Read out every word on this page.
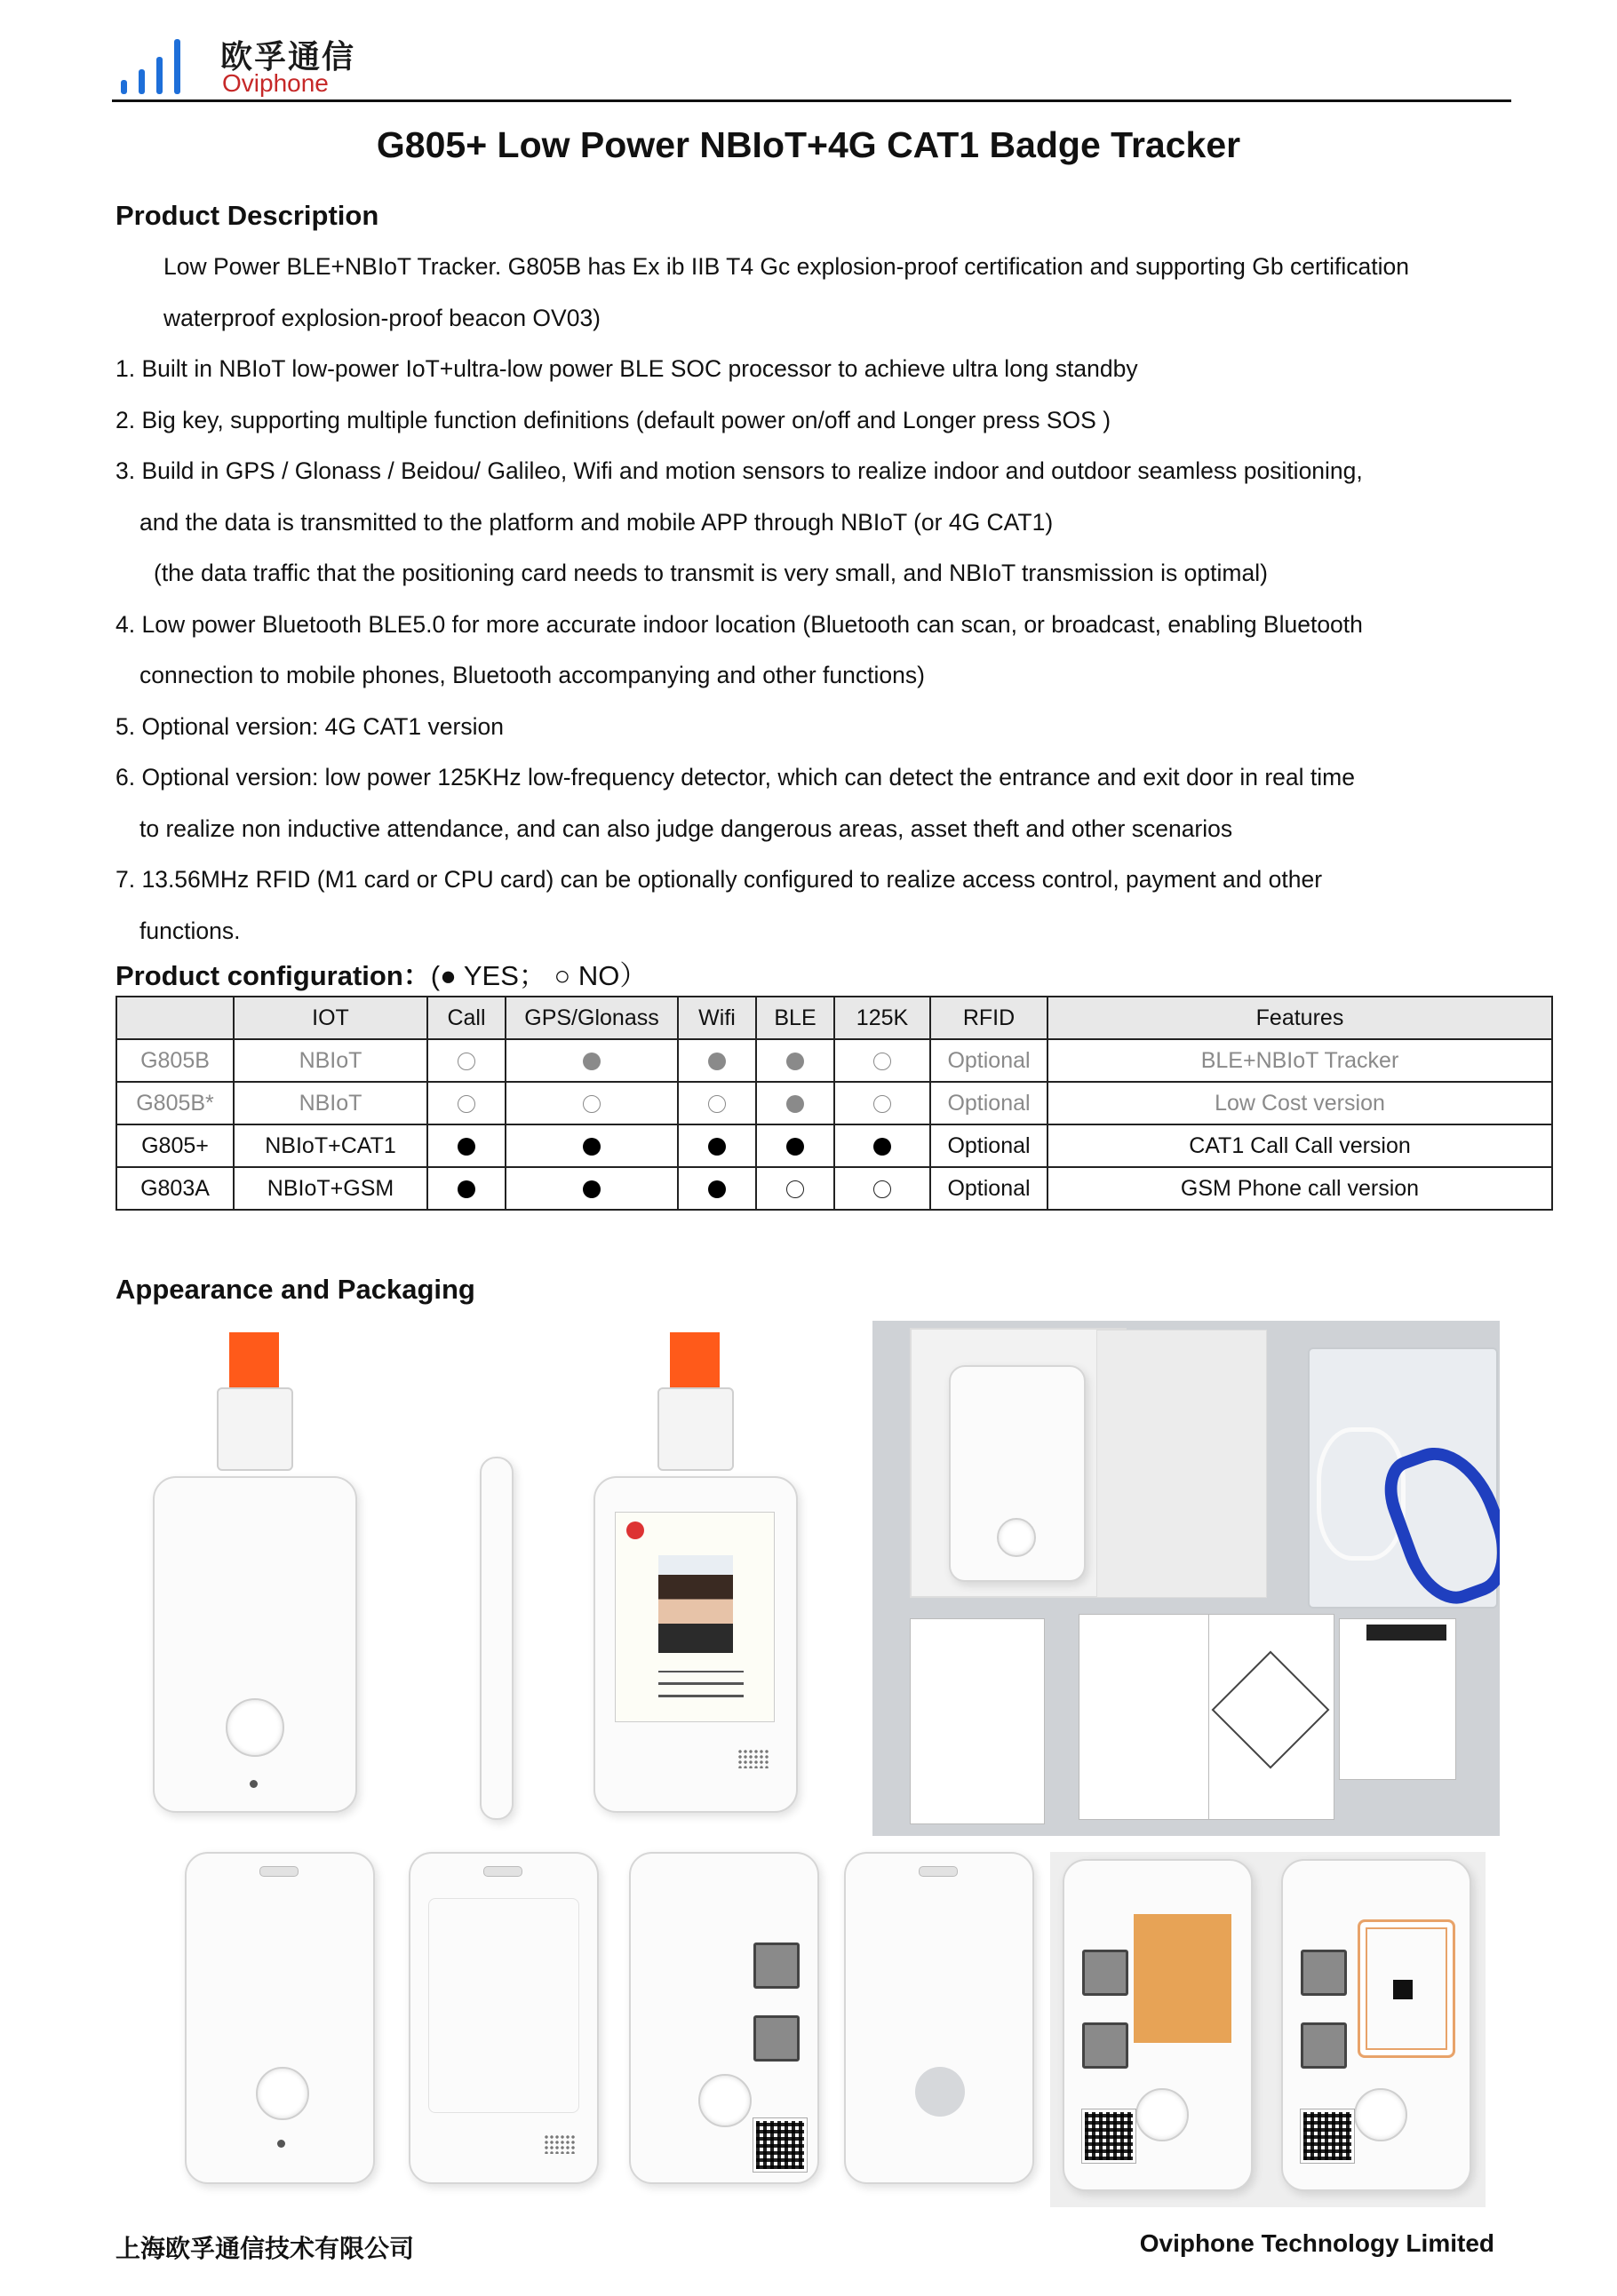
欧孚通信
Oviphone
G805+ Low Power NBIoT+4G CAT1 Badge Tracker
Product Description
Low Power BLE+NBIoT Tracker. G805B has Ex ib IIB T4 Gc explosion-proof certification and supporting Gb certification
waterproof explosion-proof beacon OV03)
1. Built in NBIoT low-power IoT+ultra-low power BLE SOC processor to achieve ultra long standby
2. Big key, supporting multiple function definitions (default power on/off and Longer press SOS )
3. Build in GPS / Glonass / Beidou/ Galileo, Wifi and motion sensors to realize indoor and outdoor seamless positioning,
and the data is transmitted to the platform and mobile APP through NBIoT (or 4G CAT1)
(the data traffic that the positioning card needs to transmit is very small, and NBIoT transmission is optimal)
4. Low power Bluetooth BLE5.0 for more accurate indoor location (Bluetooth can scan, or broadcast, enabling Bluetooth
connection to mobile phones, Bluetooth accompanying and other functions)
5. Optional version: 4G CAT1 version
6. Optional version: low power 125KHz low-frequency detector, which can detect the entrance and exit door in real time
to realize non inductive attendance, and can also judge dangerous areas, asset theft and other scenarios
7. 13.56MHz RFID (M1 card or CPU card) can be optionally configured to realize access control, payment and other
functions.
Product configuration：(● YES； ○ NO）
	IOT	Call	GPS/Glonass	Wifi	BLE	125K	RFID	Features
G805B	NBIoT						Optional	BLE+NBIoT Tracker
G805B*	NBIoT						Optional	Low Cost version
G805+	NBIoT+CAT1						Optional	CAT1 Call Call version
G803A	NBIoT+GSM						Optional	GSM Phone call version
Appearance and Packaging
上海欧孚通信技术有限公司	Oviphone Technology Limited
